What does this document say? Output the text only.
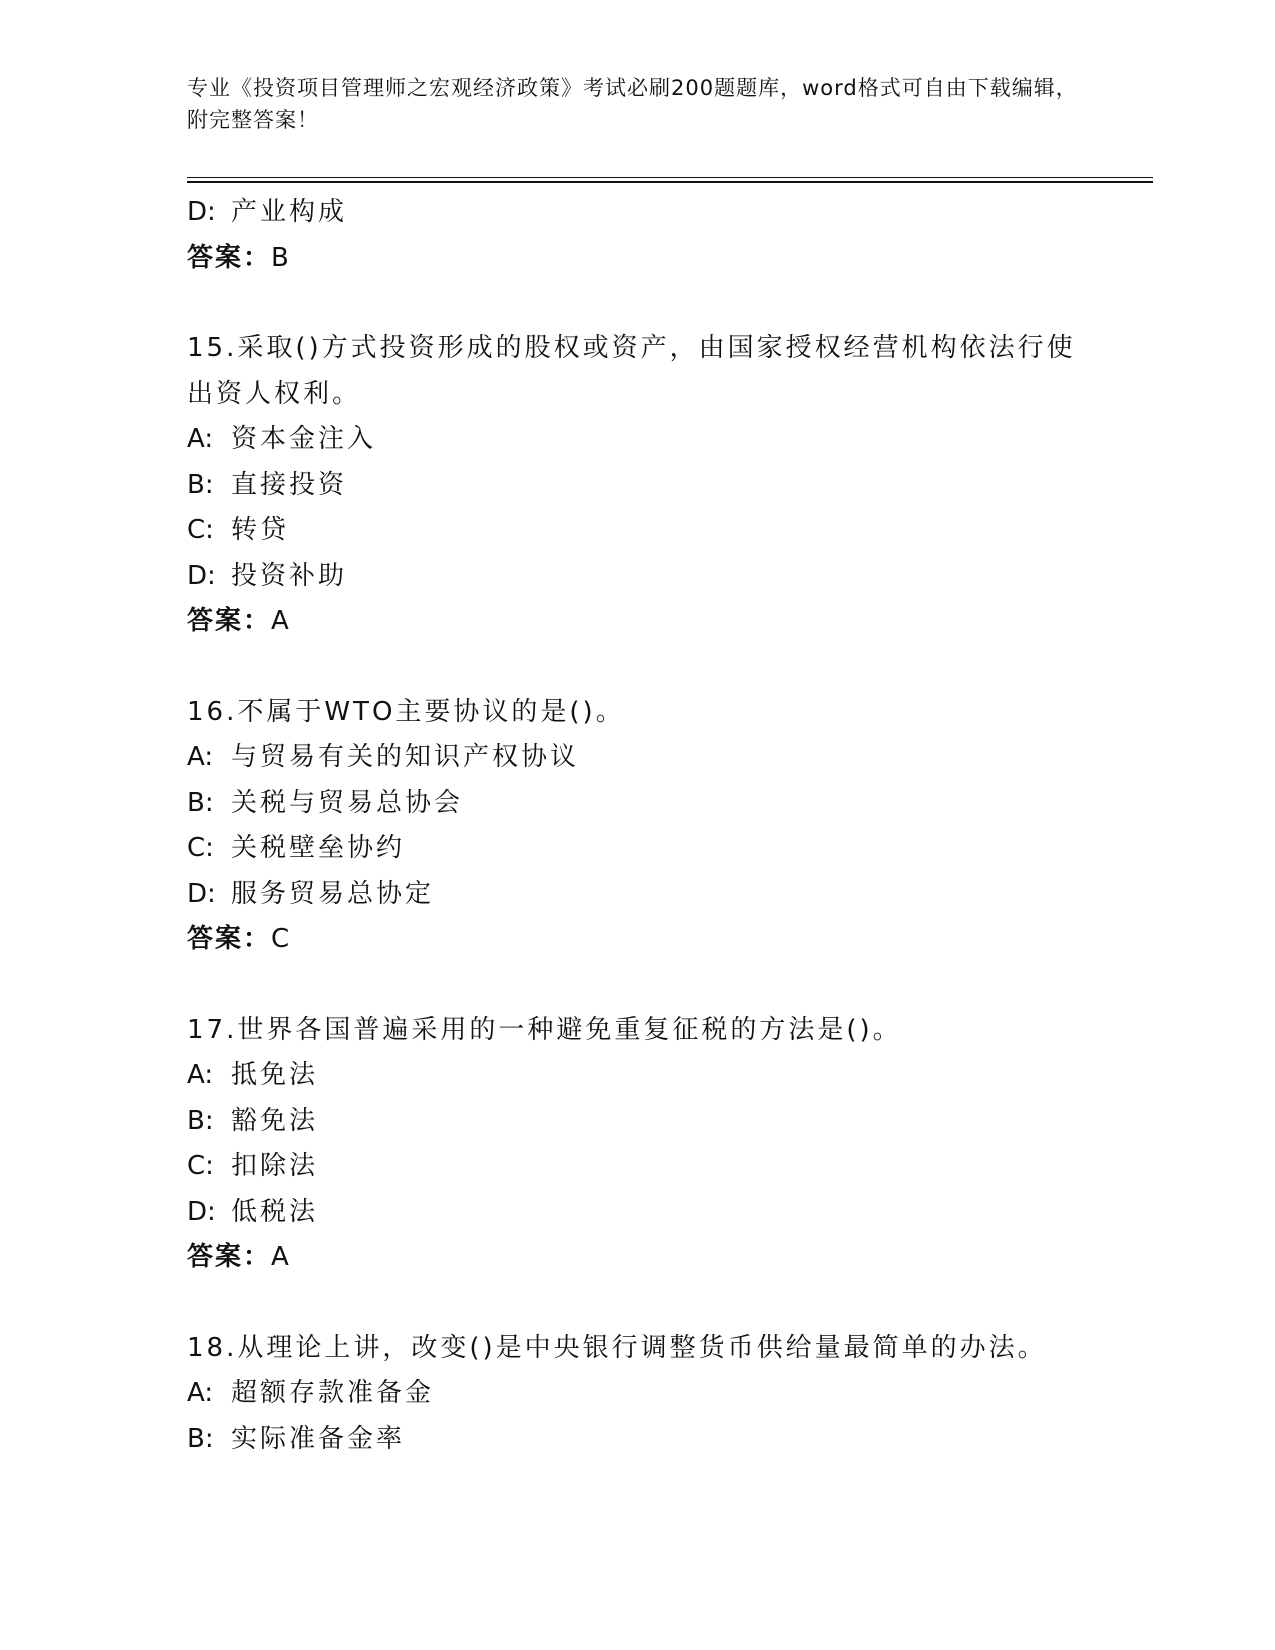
专业《投资项目管理师之宏观经济政策》考试必刷200题题库，word格式可自由下载编辑，附完整答案！
D: 产业构成
答案：B
15.采取()方式投资形成的股权或资产，由国家授权经营机构依法行使出资人权利。
A: 资本金注入
B: 直接投资
C: 转贷
D: 投资补助
答案：A
16.不属于WTO主要协议的是()。
A: 与贸易有关的知识产权协议
B: 关税与贸易总协会
C: 关税壁垒协约
D: 服务贸易总协定
答案：C
17.世界各国普遍采用的一种避免重复征税的方法是()。
A: 抵免法
B: 豁免法
C: 扣除法
D: 低税法
答案：A
18.从理论上讲，改变()是中央银行调整货币供给量最简单的办法。
A: 超额存款准备金
B: 实际准备金率
